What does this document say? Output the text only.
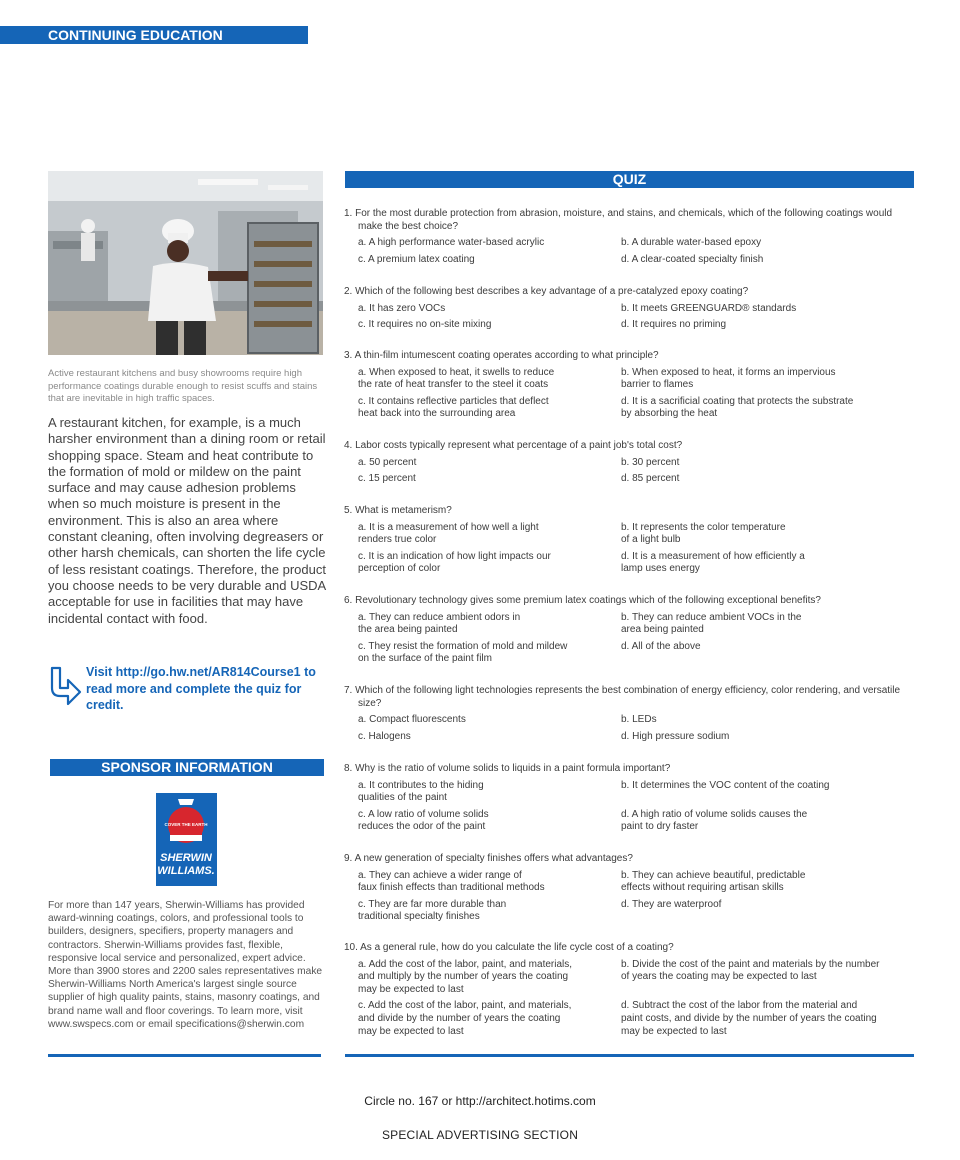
CONTINUING EDUCATION
Active restaurant kitchens and busy showrooms require high performance coatings durable enough to resist scuffs and stains that are inevitable in high traffic spaces.
A restaurant kitchen, for example, is a much harsher environment than a dining room or retail shopping space. Steam and heat contribute to the formation of mold or mildew on the paint surface and may cause adhesion problems when so much moisture is present in the environment. This is also an area where constant cleaning, often involving degreasers or other harsh chemicals, can shorten the life cycle of less resistant coatings. Therefore, the product you choose needs to be very durable and USDA acceptable for use in facilities that may have incidental contact with food.
Visit http://go.hw.net/AR814Course1 to read more and complete the quiz for credit.
SPONSOR INFORMATION
COVER THE EARTH
SHERWIN
WILLIAMS.
For more than 147 years, Sherwin-Williams has provided award-winning coatings, colors, and professional tools to builders, designers, specifiers, property managers and contractors. Sherwin-Williams provides fast, flexible, responsive local service and personalized, expert advice. More than 3900 stores and 2200 sales representatives make Sherwin-Williams North America's largest single source supplier of high quality paints, stains, masonry coatings, and brand name wall and floor coverings. To learn more, visit www.swspecs.com or email specifications@sherwin.com
QUIZ
1. For the most durable protection from abrasion, moisture, and stains, and chemicals, which of the following coatings would make the best choice?
a. A high performance water-based acrylic	b. A durable water-based epoxy
c. A premium latex coating	d. A clear-coated specialty finish
2. Which of the following best describes a key advantage of a pre-catalyzed epoxy coating?
a. It has zero VOCs	b. It meets GREENGUARD® standards
c. It requires no on-site mixing	d. It requires no priming
3. A thin-film intumescent coating operates according to what principle?
a. When exposed to heat, it swells to reduce
the rate of heat transfer to the steel it coats
b. When exposed to heat, it forms an impervious
barrier to flames
c. It contains reflective particles that deflect
heat back into the surrounding area
d. It is a sacrificial coating that protects the substrate
by absorbing the heat
4. Labor costs typically represent what percentage of a paint job's total cost?
a. 50 percent	b. 30 percent
c. 15 percent	d. 85 percent
5. What is metamerism?
a. It is a measurement of how well a light
renders true color
b. It represents the color temperature
of a light bulb
c. It is an indication of how light impacts our
perception of color
d. It is a measurement of how efficiently a
lamp uses energy
6. Revolutionary technology gives some premium latex coatings which of the following exceptional benefits?
a. They can reduce ambient odors in
the area being painted
b. They can reduce ambient VOCs in the
area being painted
c. They resist the formation of mold and mildew
on the surface of the paint film
d. All of the above
7. Which of the following light technologies represents the best combination of energy efficiency, color rendering, and versatile size?
a. Compact fluorescents	b. LEDs
c. Halogens	d. High pressure sodium
8. Why is the ratio of volume solids to liquids in a paint formula important?
a. It contributes to the hiding
qualities of the paint
b. It determines the VOC content of the coating
c. A low ratio of volume solids
reduces the odor of the paint
d. A high ratio of volume solids causes the
paint to dry faster
9. A new generation of specialty finishes offers what advantages?
a. They can achieve a wider range of
faux finish effects than traditional methods
b. They can achieve beautiful, predictable
effects without requiring artisan skills
c. They are far more durable than
traditional specialty finishes
d. They are waterproof
10. As a general rule, how do you calculate the life cycle cost of a coating?
a. Add the cost of the labor, paint, and materials,
and multiply by the number of years the coating
may be expected to last
b. Divide the cost of the paint and materials by the number
of years the coating may be expected to last
c. Add the cost of the labor, paint, and materials,
and divide by the number of years the coating
may be expected to last
d. Subtract the cost of the labor from the material and
paint costs, and divide by the number of years the coating
may be expected to last
Circle no. 167 or http://architect.hotims.com
SPECIAL ADVERTISING SECTION
